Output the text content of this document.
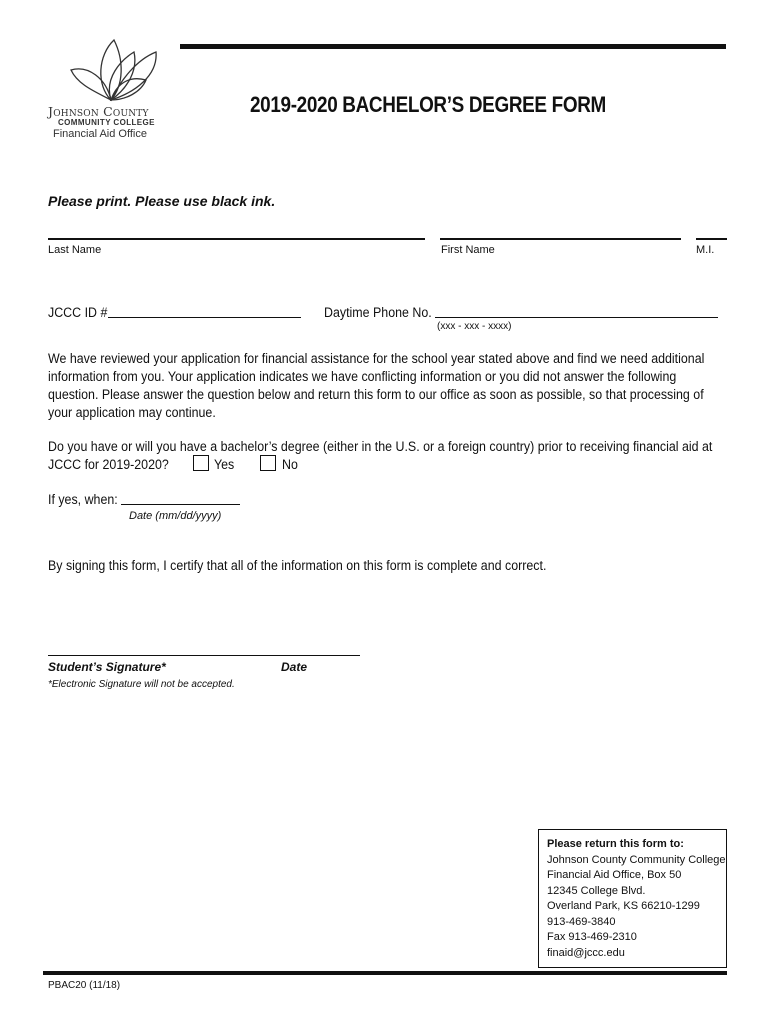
Johnson County
COMMUNITY COLLEGE
Financial Aid Office
2019-2020 BACHELOR’S DEGREE FORM
Please print. Please use black ink.
Last Name	First Name	M.I.
JCCC ID #	Daytime Phone No.
(xxx - xxx - xxxx)
We have reviewed your application for financial assistance for the school year stated above and find we need additional
information from you. Your application indicates we have conflicting information or you did not answer the following
question. Please answer the question below and return this form to our office as soon as possible, so that processing of
your application may continue.
Do you have or will you have a bachelor’s degree (either in the U.S. or a foreign country) prior to receiving financial aid at
JCCC for 2019-2020?	Yes	No
If yes, when:
Date (mm/dd/yyyy)
By signing this form, I certify that all of the information on this form is complete and correct.
Student’s Signature*	Date
*Electronic Signature will not be accepted.
Please return this form to:
Johnson County Community College
Financial Aid Office, Box 50
12345 College Blvd.
Overland Park, KS 66210-1299
913-469-3840
Fax 913-469-2310
finaid@jccc.edu
PBAC20 (11/18)
